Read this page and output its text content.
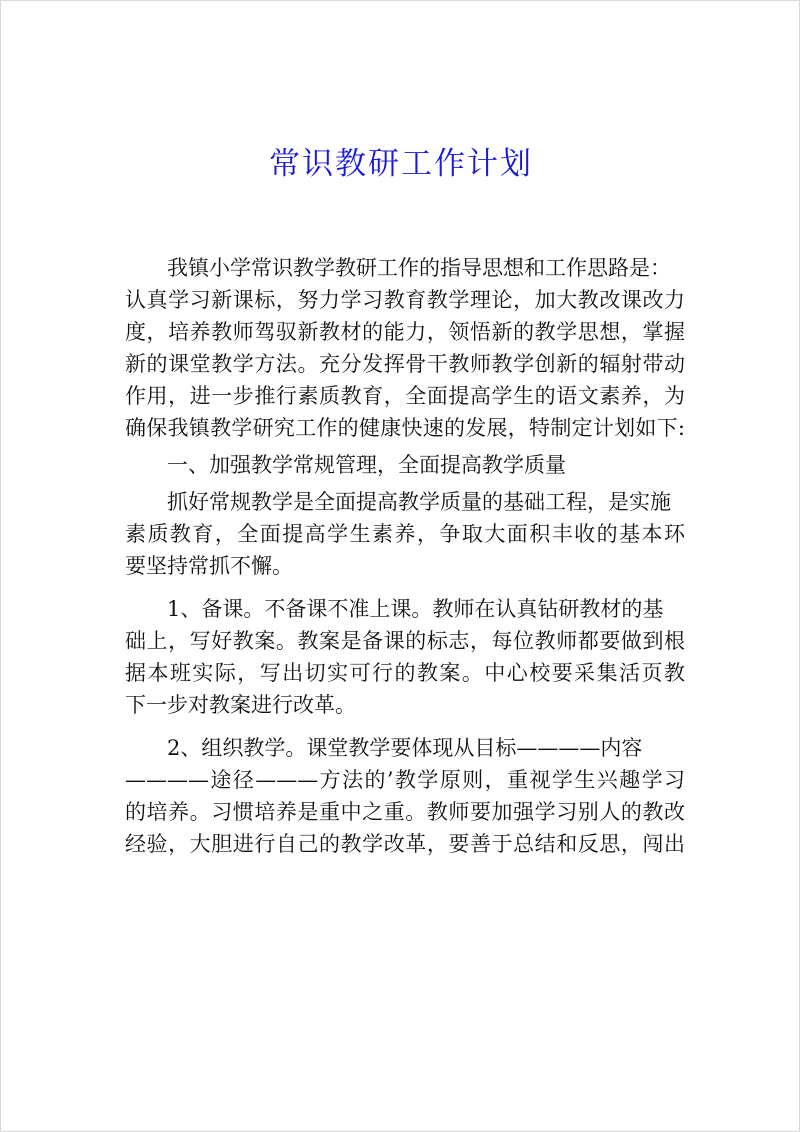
常识教研工作计划

我镇小学常识教学教研工作的指导思想和工作思路是：

认真学习新课标，努力学习教育教学理论，加大教改课改力

度，培养教师驾驭新教材的能力，领悟新的教学思想，掌握

新的课堂教学方法。充分发挥骨干教师教学创新的辐射带动

作用，进一步推行素质教育，全面提高学生的语文素养，为

确保我镇教学研究工作的健康快速的发展，特制定计划如下:

一、加强教学常规管理，全面提高教学质量

抓好常规教学是全面提高教学质量的基础工程，是实施

素质教育，全面提高学生素养，争取大面积丰收的基本环

要坚持常抓不懈。

1、备课。不备课不准上课。教师在认真钻研教材的基

础上，写好教案。教案是备课的标志，每位教师都要做到根

据本班实际，写出切实可行的教案。中心校要采集活页教

下一步对教案进行改革。

2、组织教学。课堂教学要体现从目标————内容

————途径———方法的’教学原则，重视学生兴趣学习

的培养。习惯培养是重中之重。教师要加强学习别人的教改

经验，大胆进行自己的教学改革，要善于总结和反思，闯出
